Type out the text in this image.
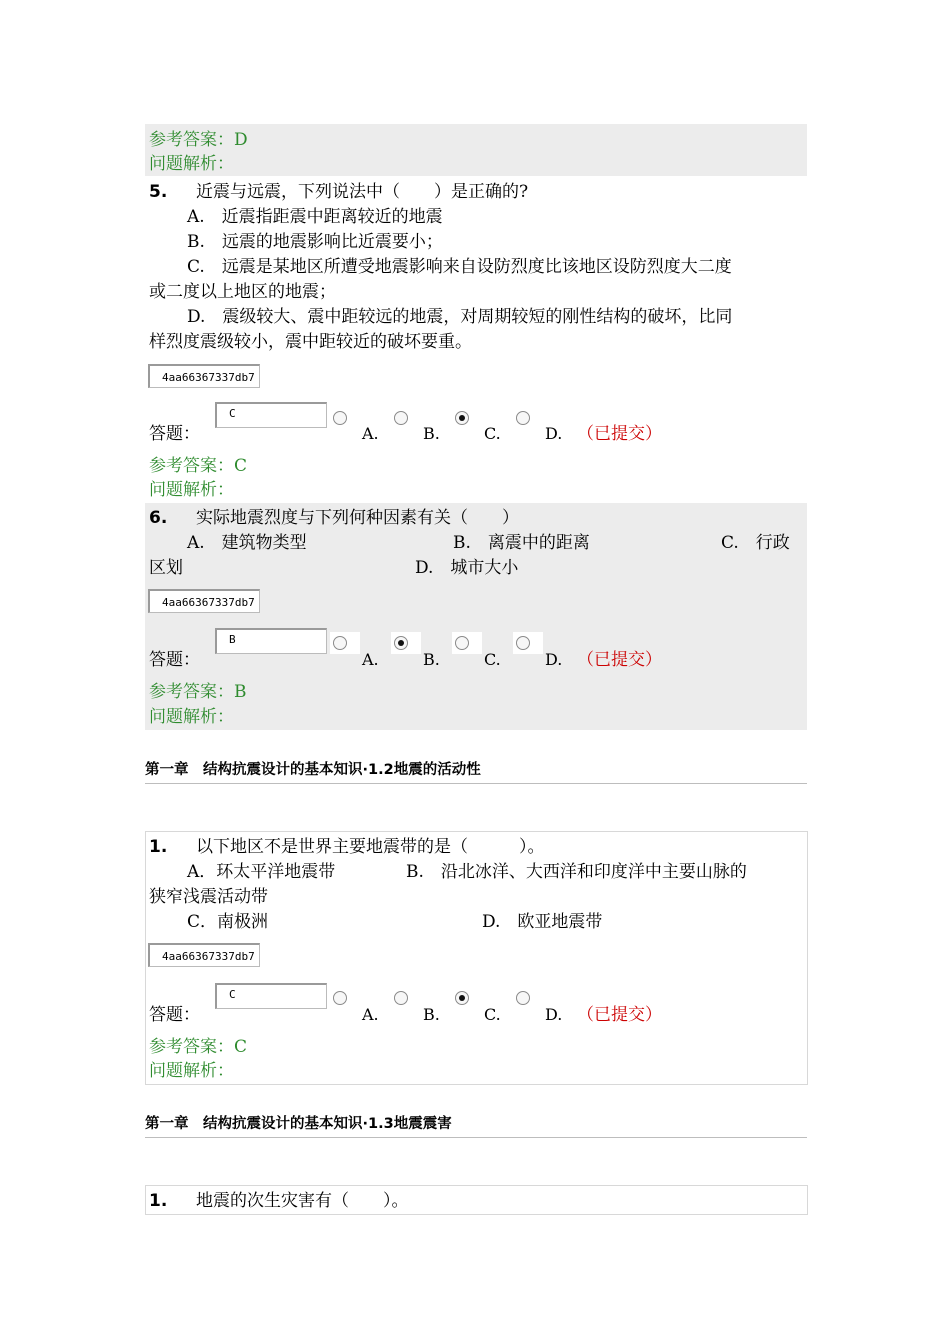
参考答案：D
问题解析：
5. 近震与远震，下列说法中（　　）是正确的?
A.　近震指距震中距离较近的地震
B.　远震的地震影响比近震要小；
C.　远震是某地区所遭受地震影响来自设防烈度比该地区设防烈度大二度
或二度以上地区的地震；
D.　震级较大、震中距较远的地震，对周期较短的刚性结构的破坏，比同
样烈度震级较小，震中距较近的破坏要重。
4aa66367337db7
答题：
C
A.	B.	C.	D. （已提交）
参考答案：C
问题解析：
6. 实际地震烈度与下列何种因素有关（　　）
A.　建筑物类型	B.　离震中的距离	C.　行政
区划	D.　城市大小
4aa66367337db7
答题：
B
A.	B.	C.	D. （已提交）
参考答案：B
问题解析：
第一章　结构抗震设计的基本知识·1.2地震的活动性
1. 以下地区不是世界主要地震带的是（　　　）。
A．环太平洋地震带	B.　沿北冰洋、大西洋和印度洋中主要山脉的
狭窄浅震活动带
C．南极洲	D.　欧亚地震带
4aa66367337db7
答题：
C
A.	B.	C.	D. （已提交）
参考答案：C
问题解析：
第一章　结构抗震设计的基本知识·1.3地震震害
1. 地震的次生灾害有（　　）。
